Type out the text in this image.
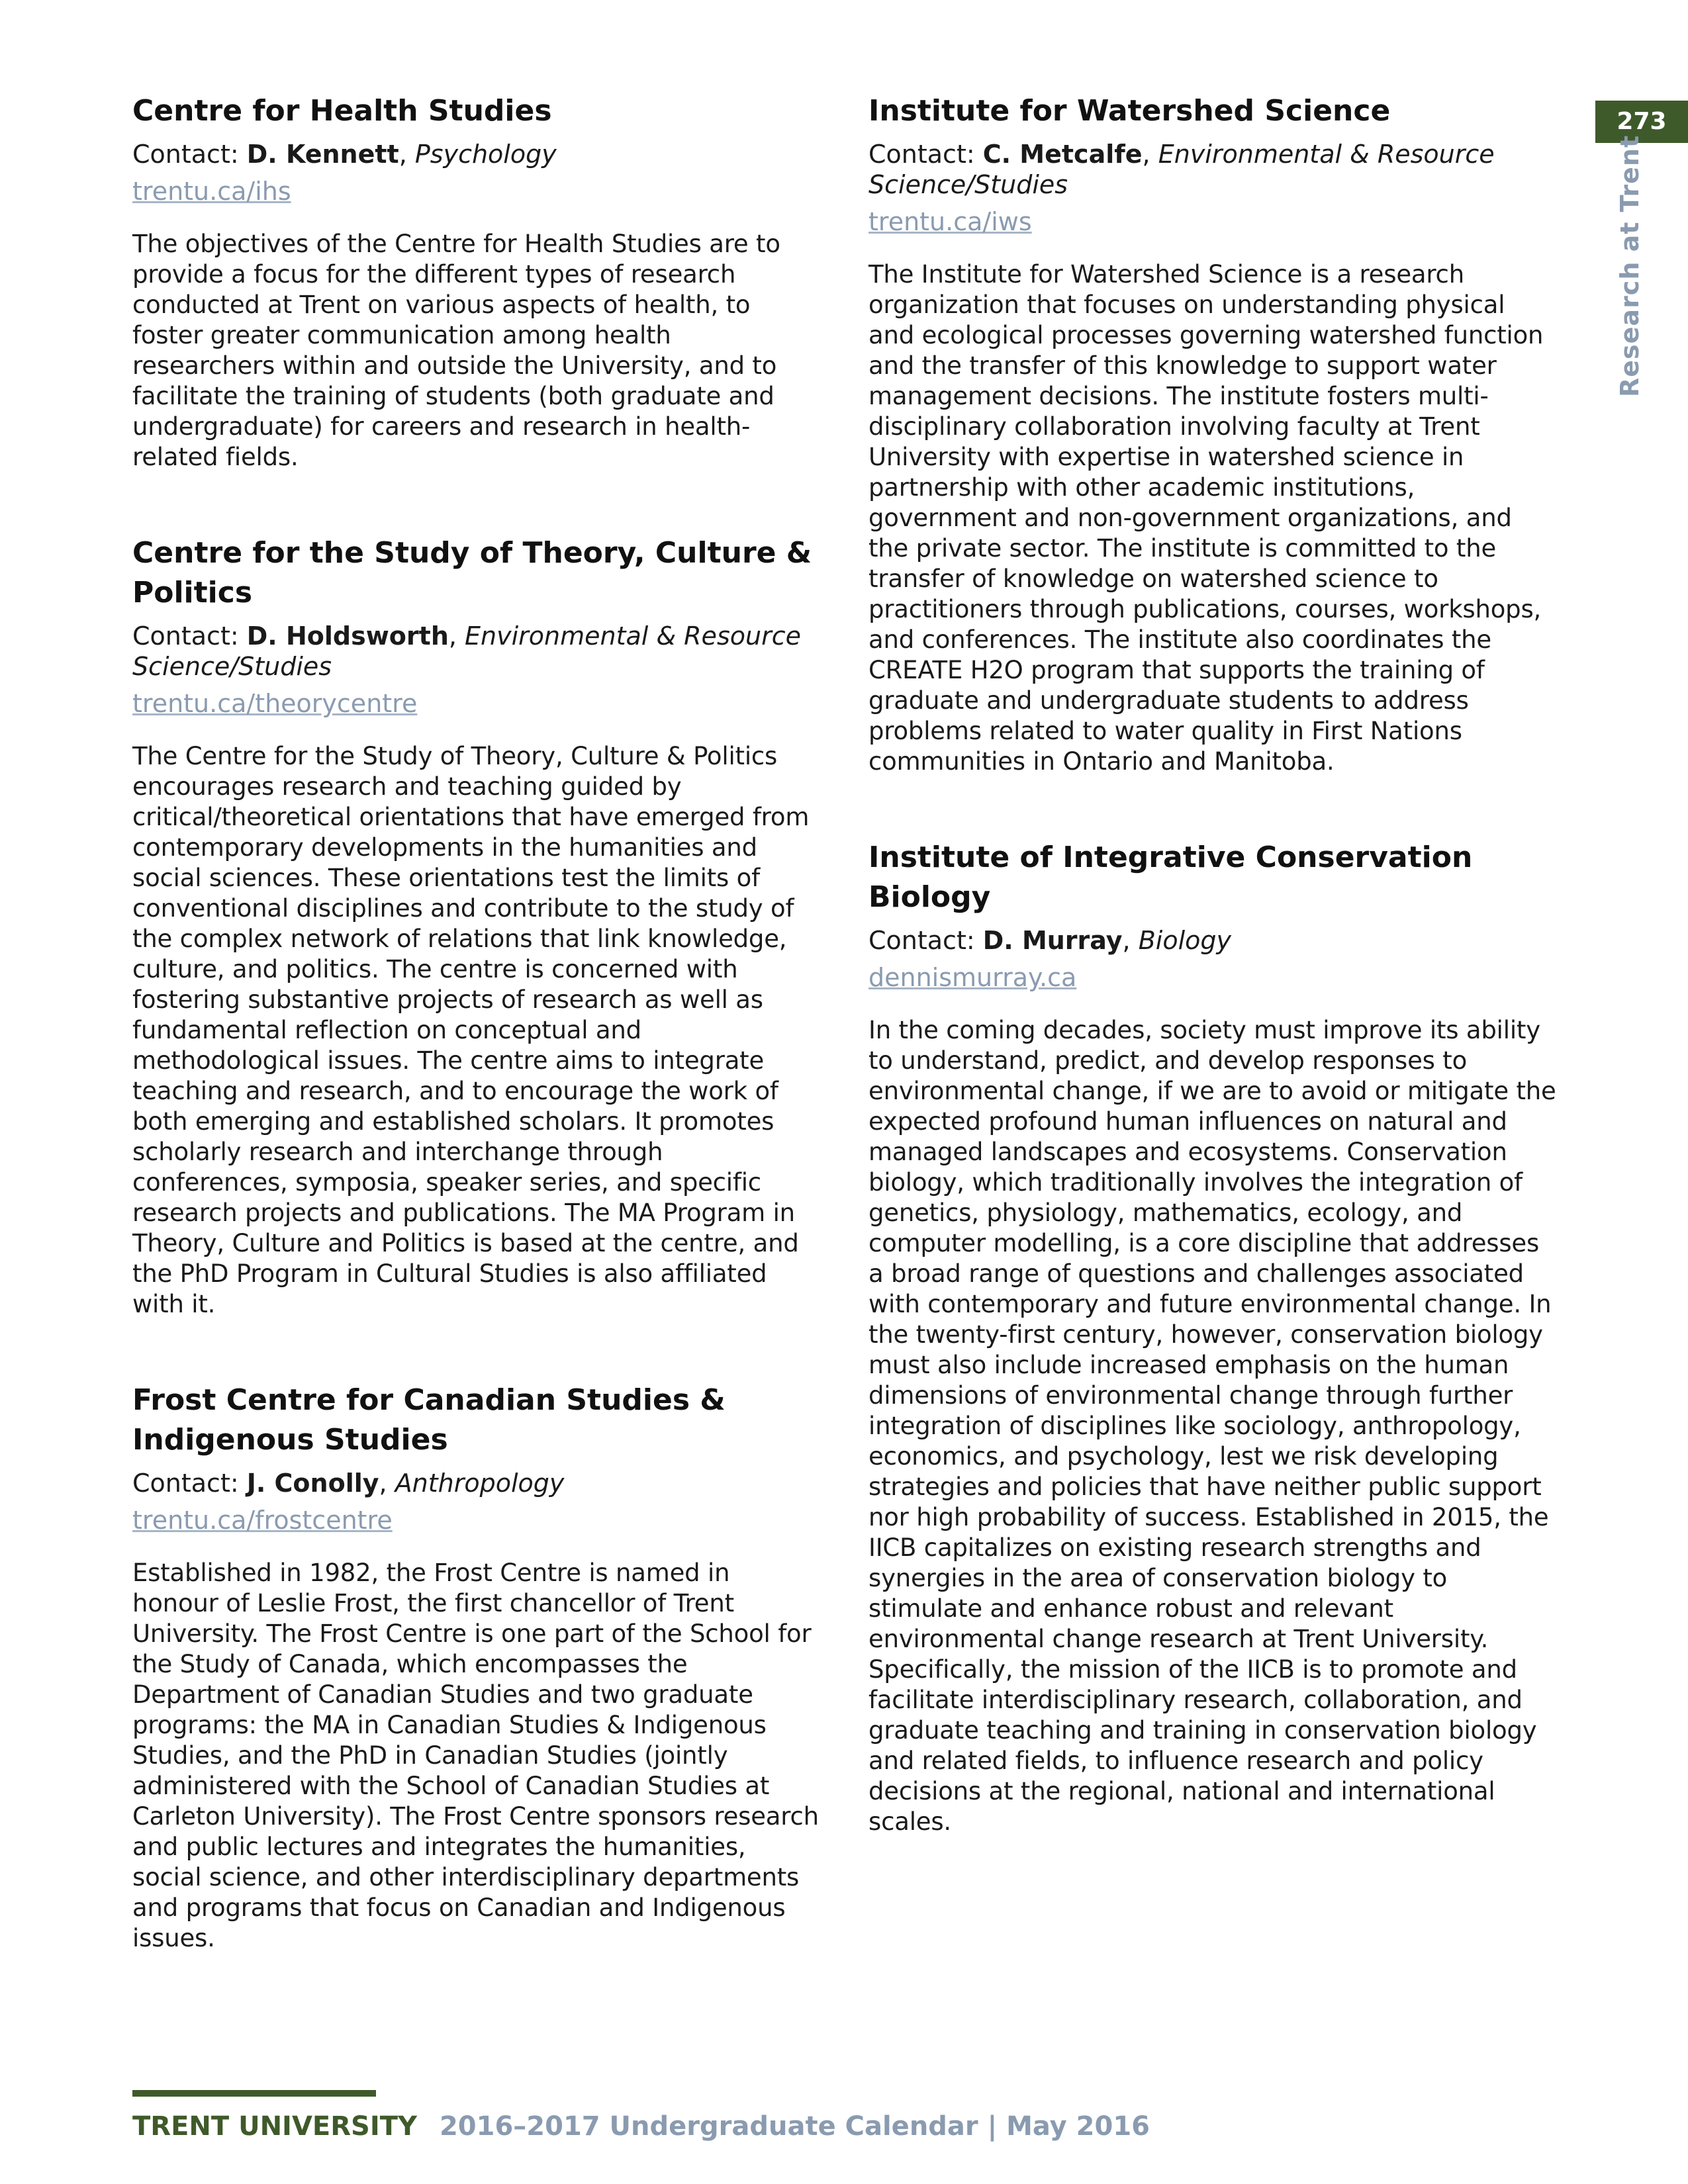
Centre for Health Studies

Contact: D. Kennett, Psychology

trentu.ca/ihs

The objectives of the Centre for Health Studies are to provide a focus for the different types of research conducted at Trent on various aspects of health, to foster greater communication among health researchers within and outside the University, and to facilitate the training of students (both graduate and undergraduate) for careers and research in health-related fields.

Centre for the Study of Theory, Culture & Politics

Contact: D. Holdsworth, Environmental & Resource Science/Studies

trentu.ca/theorycentre

The Centre for the Study of Theory, Culture & Politics encourages research and teaching guided by critical/theoretical orientations that have emerged from contemporary developments in the humanities and social sciences. These orientations test the limits of conventional disciplines and contribute to the study of the complex network of relations that link knowledge, culture, and politics. The centre is concerned with fostering substantive projects of research as well as fundamental reflection on conceptual and methodological issues. The centre aims to integrate teaching and research, and to encourage the work of both emerging and established scholars. It promotes scholarly research and interchange through conferences, symposia, speaker series, and specific research projects and publications. The MA Program in Theory, Culture and Politics is based at the centre, and the PhD Program in Cultural Studies is also affiliated with it.

Frost Centre for Canadian Studies & Indigenous Studies

Contact: J. Conolly, Anthropology

trentu.ca/frostcentre

Established in 1982, the Frost Centre is named in honour of Leslie Frost, the first chancellor of Trent University. The Frost Centre is one part of the School for the Study of Canada, which encompasses the Department of Canadian Studies and two graduate programs: the MA in Canadian Studies & Indigenous Studies, and the PhD in Canadian Studies (jointly administered with the School of Canadian Studies at Carleton University). The Frost Centre sponsors research and public lectures and integrates the humanities, social science, and other interdisciplinary departments and programs that focus on Canadian and Indigenous issues.

Institute for Watershed Science

Contact: C. Metcalfe, Environmental & Resource Science/Studies

trentu.ca/iws

The Institute for Watershed Science is a research organization that focuses on understanding physical and ecological processes governing watershed function and the transfer of this knowledge to support water management decisions. The institute fosters multi-disciplinary collaboration involving faculty at Trent University with expertise in watershed science in partnership with other academic institutions, government and non-government organizations, and the private sector. The institute is committed to the transfer of knowledge on watershed science to practitioners through publications, courses, workshops, and conferences. The institute also coordinates the CREATE H2O program that supports the training of graduate and undergraduate students to address problems related to water quality in First Nations communities in Ontario and Manitoba.

Institute of Integrative Conservation Biology

Contact: D. Murray, Biology

dennismurray.ca

In the coming decades, society must improve its ability to understand, predict, and develop responses to environmental change, if we are to avoid or mitigate the expected profound human influences on natural and managed landscapes and ecosystems. Conservation biology, which traditionally involves the integration of genetics, physiology, mathematics, ecology, and computer modelling, is a core discipline that addresses a broad range of questions and challenges associated with contemporary and future environmental change. In the twenty-first century, however, conservation biology must also include increased emphasis on the human dimensions of environmental change through further integration of disciplines like sociology, anthropology, economics, and psychology, lest we risk developing strategies and policies that have neither public support nor high probability of success. Established in 2015, the IICB capitalizes on existing research strengths and synergies in the area of conservation biology to stimulate and enhance robust and relevant environmental change research at Trent University. Specifically, the mission of the IICB is to promote and facilitate interdisciplinary research, collaboration, and graduate teaching and training in conservation biology and related fields, to influence research and policy decisions at the regional, national and international scales.

273
Research at Trent
TRENT UNIVERSITY 2016–2017 Undergraduate Calendar | May 2016
